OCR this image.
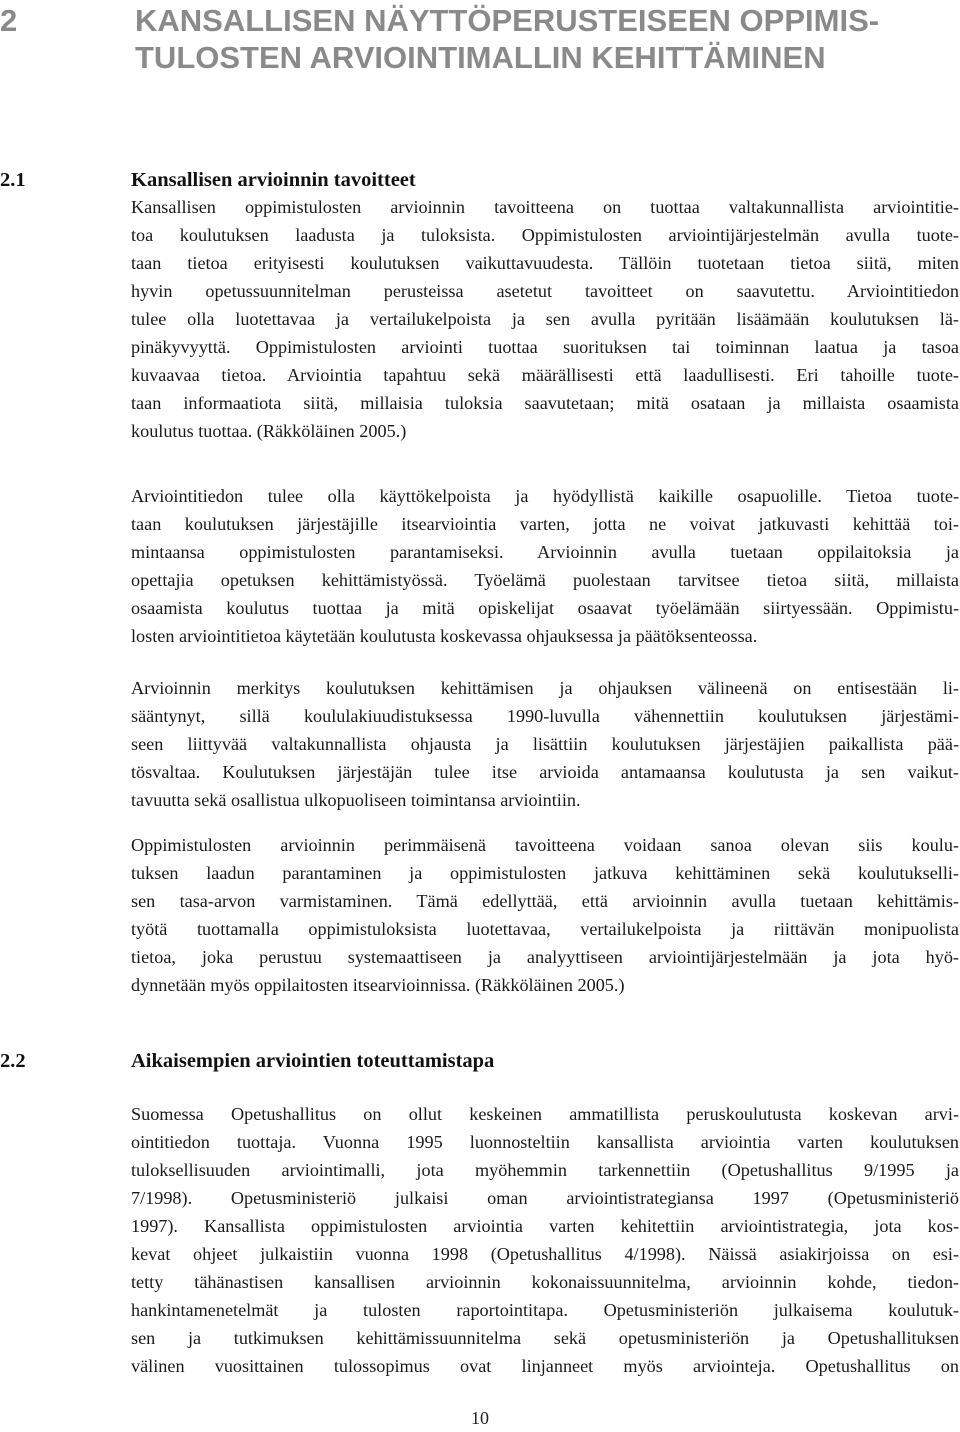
2	KANSALLISEN NÄYTTÖPERUSTEISEEN OPPIMIS-
TULOSTEN ARVIOINTIMALLIN KEHITTÄMINEN
2.1	Kansallisen arvioinnin tavoitteet
Kansallisen oppimistulosten arvioinnin tavoitteena on tuottaa valtakunnallista arviointitie-
toa koulutuksen laadusta ja tuloksista. Oppimistulosten arviointijärjestelmän avulla tuote-
taan tietoa erityisesti koulutuksen vaikuttavuudesta. Tällöin tuotetaan tietoa siitä, miten
hyvin opetussuunnitelman perusteissa asetetut tavoitteet on saavutettu. Arviointitiedon
tulee olla luotettavaa ja vertailukelpoista ja sen avulla pyritään lisäämään koulutuksen lä-
pinäkyvyyttä. Oppimistulosten arviointi tuottaa suorituksen tai toiminnan laatua ja tasoa
kuvaavaa tietoa. Arviointia tapahtuu sekä määrällisesti että laadullisesti. Eri tahoille tuote-
taan informaatiota siitä, millaisia tuloksia saavutetaan; mitä osataan ja millaista osaamista
koulutus tuottaa. (Räkköläinen 2005.)
Arviointitiedon tulee olla käyttökelpoista ja hyödyllistä kaikille osapuolille. Tietoa tuote-
taan koulutuksen järjestäjille itsearviointia varten, jotta ne voivat jatkuvasti kehittää toi-
mintaansa oppimistulosten parantamiseksi. Arvioinnin avulla tuetaan oppilaitoksia ja
opettajia opetuksen kehittämistyössä. Työelämä puolestaan tarvitsee tietoa siitä, millaista
osaamista koulutus tuottaa ja mitä opiskelijat osaavat työelämään siirtyessään. Oppimistu-
losten arviointitietoa käytetään koulutusta koskevassa ohjauksessa ja päätöksenteossa.
Arvioinnin merkitys koulutuksen kehittämisen ja ohjauksen välineenä on entisestään li-
sääntynyt, sillä koululakiuudistuksessa 1990-luvulla vähennettiin koulutuksen järjestämi-
seen liittyvää valtakunnallista ohjausta ja lisättiin koulutuksen järjestäjien paikallista pää-
tösvaltaa. Koulutuksen järjestäjän tulee itse arvioida antamaansa koulutusta ja sen vaikut-
tavuutta sekä osallistua ulkopuoliseen toimintansa arviointiin.
Oppimistulosten arvioinnin perimmäisenä tavoitteena voidaan sanoa olevan siis koulu-
tuksen laadun parantaminen ja oppimistulosten jatkuva kehittäminen sekä koulutukselli-
sen tasa-arvon varmistaminen. Tämä edellyttää, että arvioinnin avulla tuetaan kehittämis-
työtä tuottamalla oppimistuloksista luotettavaa, vertailukelpoista ja riittävän monipuolista
tietoa, joka perustuu systemaattiseen ja analyyttiseen arviointijärjestelmään ja jota hyö-
dynnetään myös oppilaitosten itsearvioinnissa. (Räkköläinen 2005.)
2.2	Aikaisempien arviointien toteuttamistapa
Suomessa Opetushallitus on ollut keskeinen ammatillista peruskoulutusta koskevan arvi-
ointitiedon tuottaja. Vuonna 1995 luonnosteltiin kansallista arviointia varten koulutuksen
tuloksellisuuden arviointimalli, jota myöhemmin tarkennettiin (Opetushallitus 9/1995 ja
7/1998). Opetusministeriö julkaisi oman arviointistrategiansa 1997 (Opetusministeriö
1997). Kansallista oppimistulosten arviointia varten kehitettiin arviointistrategia, jota kos-
kevat ohjeet julkaistiin vuonna 1998 (Opetushallitus 4/1998). Näissä asiakirjoissa on esi-
tetty tähänastisen kansallisen arvioinnin kokonaissuunnitelma, arvioinnin kohde, tiedon-
hankintamenetelmät ja tulosten raportointitapa. Opetusministeriön julkaisema koulutuk-
sen ja tutkimuksen kehittämissuunnitelma sekä opetusministeriön ja Opetushallituksen
välinen vuosittainen tulossopimus ovat linjanneet myös arviointeja. Opetushallitus on
10
